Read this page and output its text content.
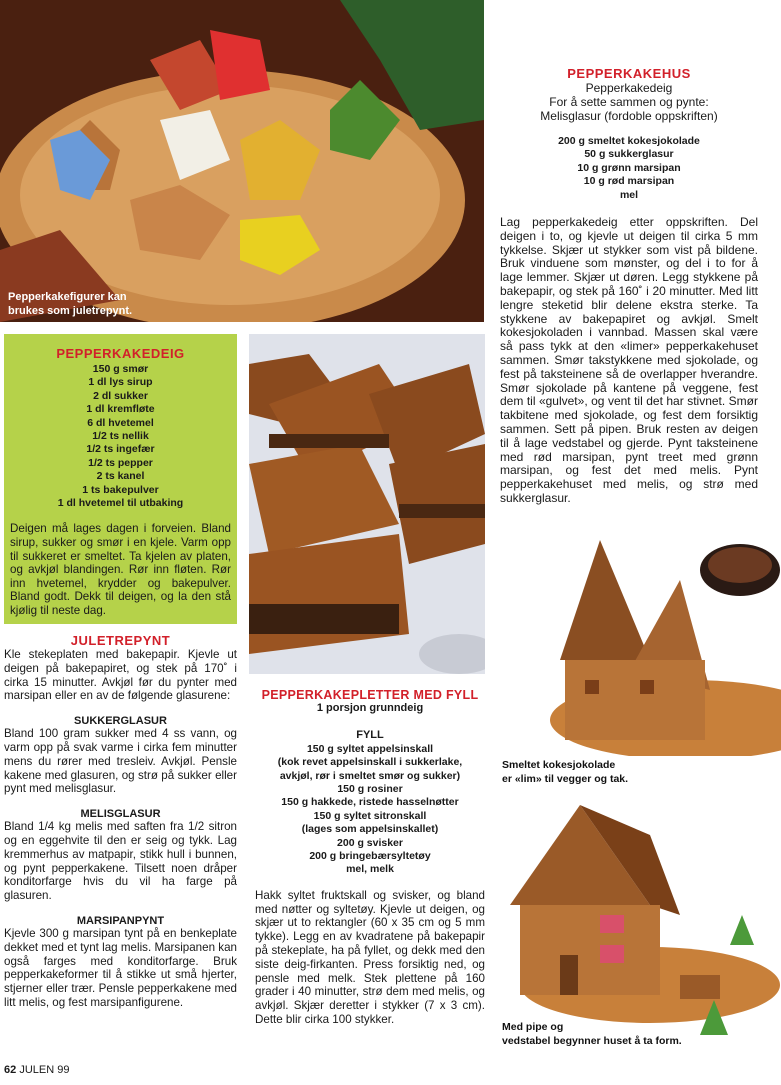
Pepperkakefigurer kan
brukes som juletrepynt.
PEPPERKAKEHUS
Pepperkakedeig
For å sette sammen og pynte:
Melisglasur (fordoble oppskriften)
200 g smeltet kokesjokolade
50 g sukkerglasur
10 g grønn marsipan
10 g rød marsipan
mel
Lag pepperkakedeig etter oppskriften. Del deigen i to, og kjevle ut deigen til cirka 5 mm tykkelse. Skjær ut stykker som vist på bildene. Bruk vinduene som mønster, og del i to for å lage lemmer. Skjær ut døren. Legg stykkene på bakepapir, og stek på 160˚ i 20 minutter. Med litt lengre steketid blir delene ekstra sterke. Ta stykkene av bakepapiret og avkjøl. Smelt kokesjokoladen i vannbad. Massen skal være så pass tykk at den «limer» pepperkakehuset sammen. Smør takstykkene med sjokolade, og fest på taksteinene så de overlapper hverandre. Smør sjokolade på kantene på veggene, fest dem til «gulvet», og vent til det har stivnet. Smør takbitene med sjokolade, og fest dem forsiktig sammen. Sett på pipen. Bruk resten av deigen til å lage vedstabel og gjerde. Pynt taksteinene med rød marsipan, pynt treet med grønn marsipan, og fest det med melis. Pynt pepperkakehuset med melis, og strø med sukkerglasur.
PEPPERKAKEDEIG
150 g smør
1 dl lys sirup
2 dl sukker
1 dl kremfløte
6 dl hvetemel
1/2 ts nellik
1/2 ts ingefær
1/2 ts pepper
2 ts kanel
1 ts bakepulver
1 dl hvetemel til utbaking
Deigen må lages dagen i forveien. Bland sirup, sukker og smør i en kjele. Varm opp til sukkeret er smeltet. Ta kjelen av platen, og avkjøl blandingen. Rør inn fløten. Rør inn hvetemel, krydder og bakepulver. Bland godt. Dekk til deigen, og la den stå kjølig til neste dag.
JULETREPYNT
Kle stekeplaten med bakepapir. Kjevle ut deigen på bakepapiret, og stek på 170˚ i cirka 15 minutter. Avkjøl før du pynter med marsipan eller en av de følgende glasurene:
SUKKERGLASUR
Bland 100 gram sukker med 4 ss vann, og varm opp på svak varme i cirka fem minutter mens du rører med tresleiv. Avkjøl. Pensle kakene med glasuren, og strø på sukker eller pynt med melisglasur.
MELISGLASUR
Bland 1/4 kg melis med saften fra 1/2 sitron og en eggehvite til den er seig og tykk. Lag kremmerhus av matpapir, stikk hull i bunnen, og pynt pepperkakene. Tilsett noen dråper konditorfarge hvis du vil ha farge på glasuren.
MARSIPANPYNT
Kjevle 300 g marsipan tynt på en benkeplate dekket med et tynt lag melis. Marsipanen kan også farges med konditorfarge. Bruk pepperkakeformer til å stikke ut små hjerter, stjerner eller trær. Pensle pepperkakene med litt melis, og fest marsipanfigurene.
PEPPERKAKEPLETTER MED FYLL
1 porsjon grunndeig
FYLL
150 g syltet appelsinskall
(kok revet appelsinskall i sukkerlake,
avkjøl, rør i smeltet smør og sukker)
150 g rosiner
150 g hakkede, ristede hasselnøtter
150 g syltet sitronskall
(lages som appelsinskallet)
200 g svisker
200 g bringebærsyltetøy
mel, melk
Hakk syltet fruktskall og svisker, og bland med nøtter og syltetøy. Kjevle ut deigen, og skjær ut to rektangler (60 x 35 cm og 5 mm tykke). Legg en av kvadratene på bakepapir på stekeplate, ha på fyllet, og dekk med den siste deig-firkanten. Press forsiktig ned, og pensle med melk. Stek plettene på 160 grader i 40 minutter, strø dem med melis, og avkjøl. Skjær deretter i stykker (7 x 3 cm). Dette blir cirka 100 stykker.
Smeltet kokesjokolade
er «lim» til vegger og tak.
Med pipe og
vedstabel begynner huset å ta form.
62 JULEN 99
